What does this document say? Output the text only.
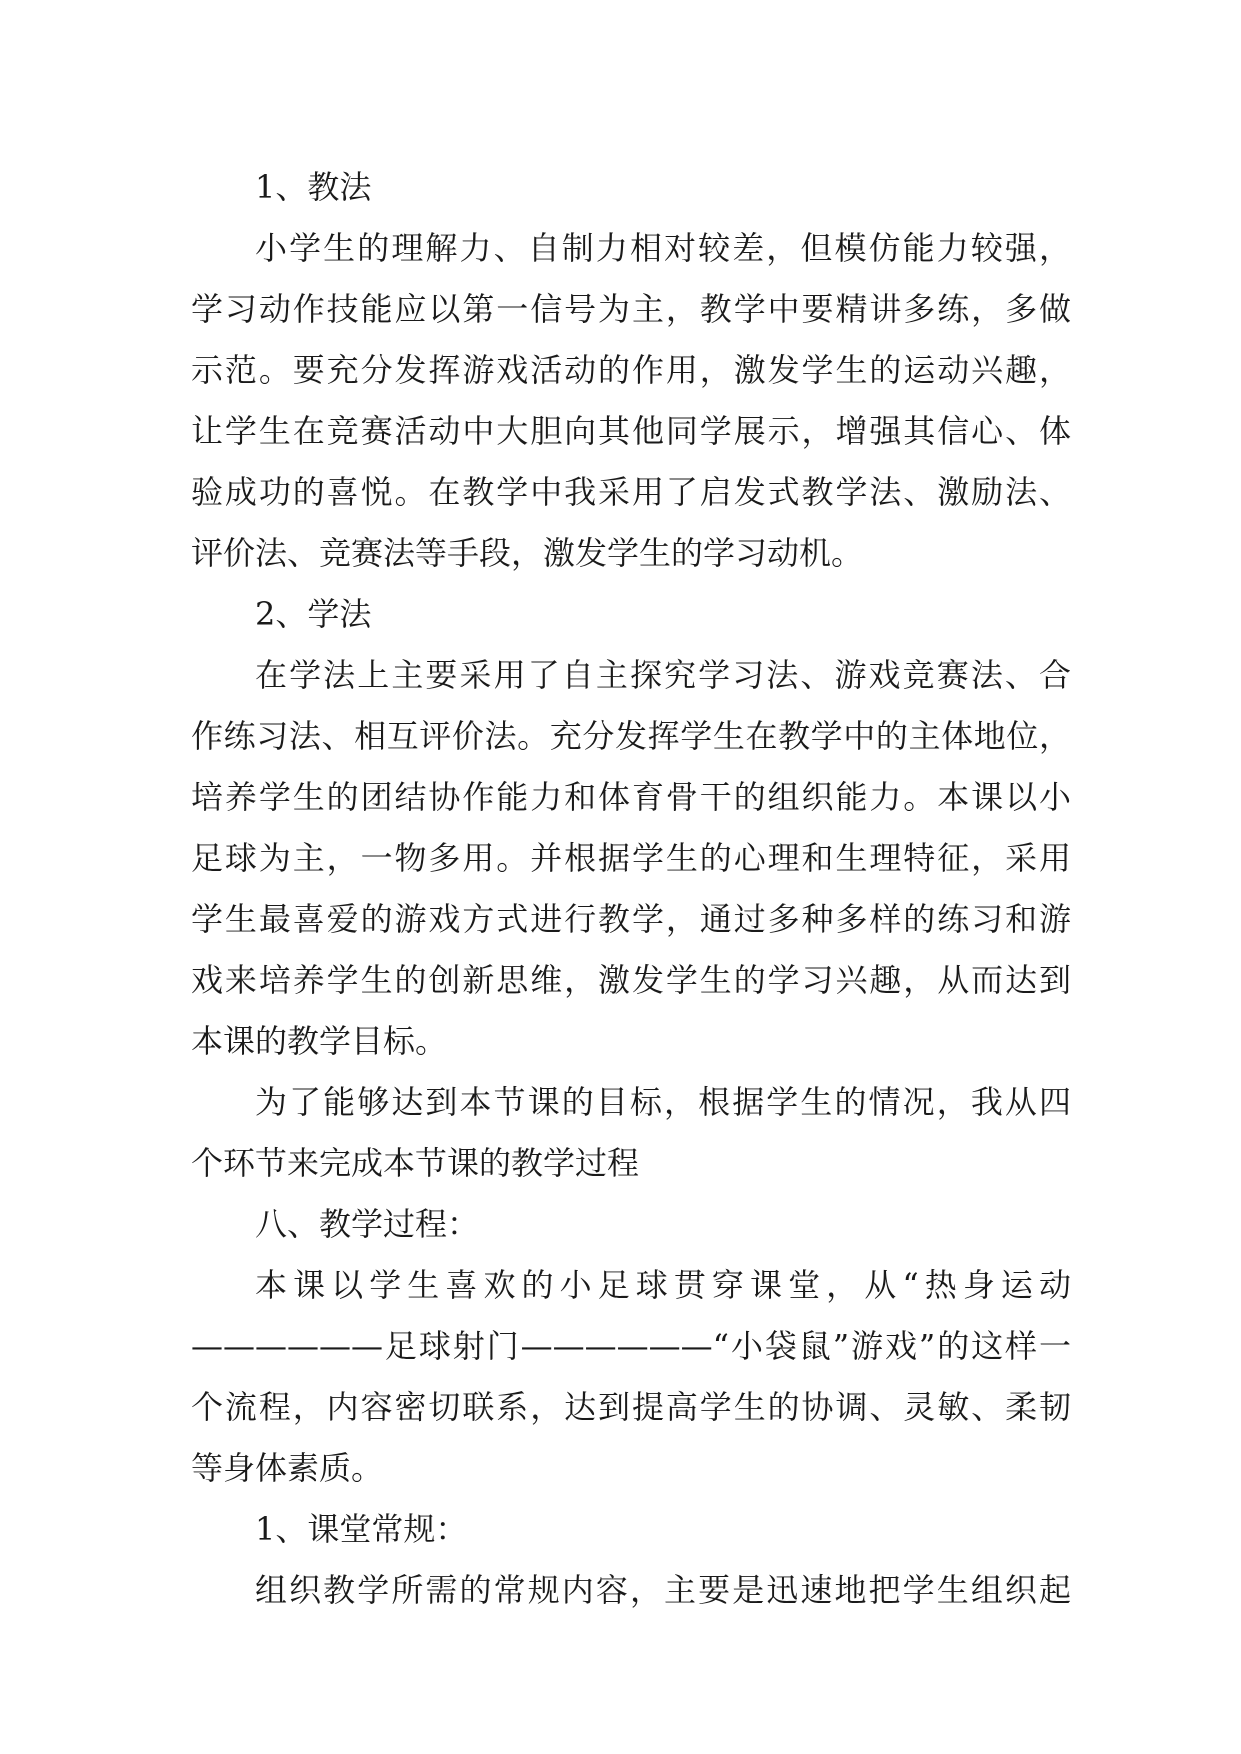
1、教法
小学生的理解力、自制力相对较差，但模仿能力较强，
学习动作技能应以第一信号为主，教学中要精讲多练，多做
示范。要充分发挥游戏活动的作用，激发学生的运动兴趣，
让学生在竞赛活动中大胆向其他同学展示，增强其信心、体
验成功的喜悦。在教学中我采用了启发式教学法、激励法、
评价法、竞赛法等手段，激发学生的学习动机。
2、学法
在学法上主要采用了自主探究学习法、游戏竞赛法、合
作练习法、相互评价法。充分发挥学生在教学中的主体地位，
培养学生的团结协作能力和体育骨干的组织能力。本课以小
足球为主，一物多用。并根据学生的心理和生理特征，采用
学生最喜爱的游戏方式进行教学，通过多种多样的练习和游
戏来培养学生的创新思维，激发学生的学习兴趣，从而达到
本课的教学目标。
为了能够达到本节课的目标，根据学生的情况，我从四
个环节来完成本节课的教学过程
八、教学过程：
本课以学生喜欢的小足球贯穿课堂，从“热身运动
——————足球射门——————“小袋鼠”游戏”的这样一
个流程，内容密切联系，达到提高学生的协调、灵敏、柔韧
等身体素质。
1、课堂常规：
组织教学所需的常规内容，主要是迅速地把学生组织起
